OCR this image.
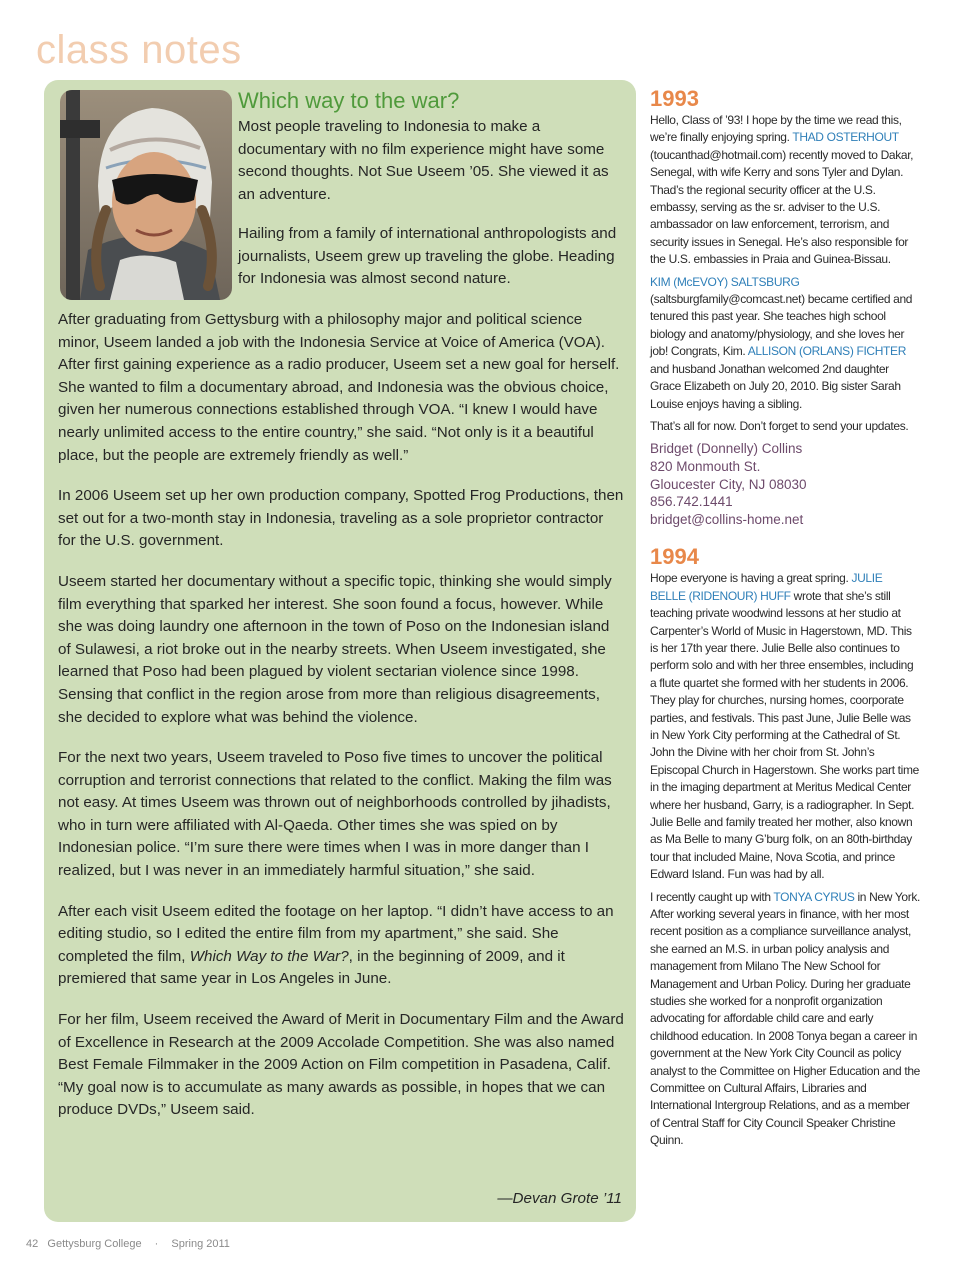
class notes
Which way to the war?

Most people traveling to Indonesia to make a documentary with no film experience might have some second thoughts. Not Sue Useem ’05. She viewed it as an adventure.

Hailing from a family of international anthropologists and journalists, Useem grew up traveling the globe. Heading for Indonesia was almost second nature.

After graduating from Gettysburg with a philosophy major and political science minor, Useem landed a job with the Indonesia Service at Voice of America (VOA). After first gaining experience as a radio producer, Useem set a new goal for herself. She wanted to film a documentary abroad, and Indonesia was the obvious choice, given her numerous connections established through VOA. “I knew I would have nearly unlimited access to the entire country,” she said. “Not only is it a beautiful place, but the people are extremely friendly as well.”

In 2006 Useem set up her own production company, Spotted Frog Productions, then set out for a two-month stay in Indonesia, traveling as a sole proprietor contractor for the U.S. government.

Useem started her documentary without a specific topic, thinking she would simply film everything that sparked her interest. She soon found a focus, however. While she was doing laundry one afternoon in the town of Poso on the Indonesian island of Sulawesi, a riot broke out in the nearby streets. When Useem investigated, she learned that Poso had been plagued by violent sectarian violence since 1998. Sensing that conflict in the region arose from more than religious disagreements, she decided to explore what was behind the violence.

For the next two years, Useem traveled to Poso five times to uncover the political corruption and terrorist connections that related to the conflict. Making the film was not easy. At times Useem was thrown out of neighborhoods controlled by jihadists, who in turn were affiliated with Al-Qaeda. Other times she was spied on by Indonesian police. “I’m sure there were times when I was in more danger than I realized, but I was never in an immediately harmful situation,” she said.

After each visit Useem edited the footage on her laptop. “I didn’t have access to an editing studio, so I edited the entire film from my apartment,” she said. She completed the film, Which Way to the War?, in the beginning of 2009, and it premiered that same year in Los Angeles in June.

For her film, Useem received the Award of Merit in Documentary Film and the Award of Excellence in Research at the 2009 Accolade Competition. She was also named Best Female Filmmaker in the 2009 Action on Film competition in Pasadena, Calif. “My goal now is to accumulate as many awards as possible, in hopes that we can produce DVDs,” Useem said.

—Devan Grote ’11

1993

Hello, Class of ’93! I hope by the time we read this, we’re finally enjoying spring. THAD OSTERHOUT (toucanthad@hotmail.com) recently moved to Dakar, Senegal, with wife Kerry and sons Tyler and Dylan. Thad’s the regional security officer at the U.S. embassy, serving as the sr. adviser to the U.S. ambassador on law enforcement, terrorism, and security issues in Senegal. He’s also responsible for the U.S. embassies in Praia and Guinea-Bissau.

KIM (McEVOY) SALTSBURG (saltsburgfamily@comcast.net) became certified and tenured this past year. She teaches high school biology and anatomy/physiology, and she loves her job! Congrats, Kim. ALLISON (ORLANS) FICHTER and husband Jonathan welcomed 2nd daughter Grace Elizabeth on July 20, 2010. Big sister Sarah Louise enjoys having a sibling.

That’s all for now. Don’t forget to send your updates.

Bridget (Donnelly) Collins
820 Monmouth St.
Gloucester City, NJ 08030
856.742.1441
bridget@collins-home.net
1994

Hope everyone is having a great spring. JULIE BELLE (RIDENOUR) HUFF wrote that she’s still teaching private woodwind lessons at her studio at Carpenter’s World of Music in Hagerstown, MD. This is her 17th year there. Julie Belle also continues to perform solo and with her three ensembles, including a flute quartet she formed with her students in 2006. They play for churches, nursing homes, coorporate parties, and festivals. This past June, Julie Belle was in New York City performing at the Cathedral of St. John the Divine with her choir from St. John’s Episcopal Church in Hagerstown. She works part time in the imaging department at Meritus Medical Center where her husband, Garry, is a radiographer. In Sept. Julie Belle and family treated her mother, also known as Ma Belle to many G’burg folk, on an 80th-birthday tour that included Maine, Nova Scotia, and prince Edward Island. Fun was had by all.

I recently caught up with TONYA CYRUS in New York. After working several years in finance, with her most recent position as a compliance surveillance analyst, she earned an M.S. in urban policy analysis and management from Milano The New School for Management and Urban Policy. During her graduate studies she worked for a nonprofit organization advocating for affordable child care and early childhood education. In 2008 Tonya began a career in government at the New York City Council as policy analyst to the Committee on Higher Education and the Committee on Cultural Affairs, Libraries and International Intergroup Relations, and as a member of Central Staff for City Council Speaker Christine Quinn.

42 Gettysburg College · Spring 2011
